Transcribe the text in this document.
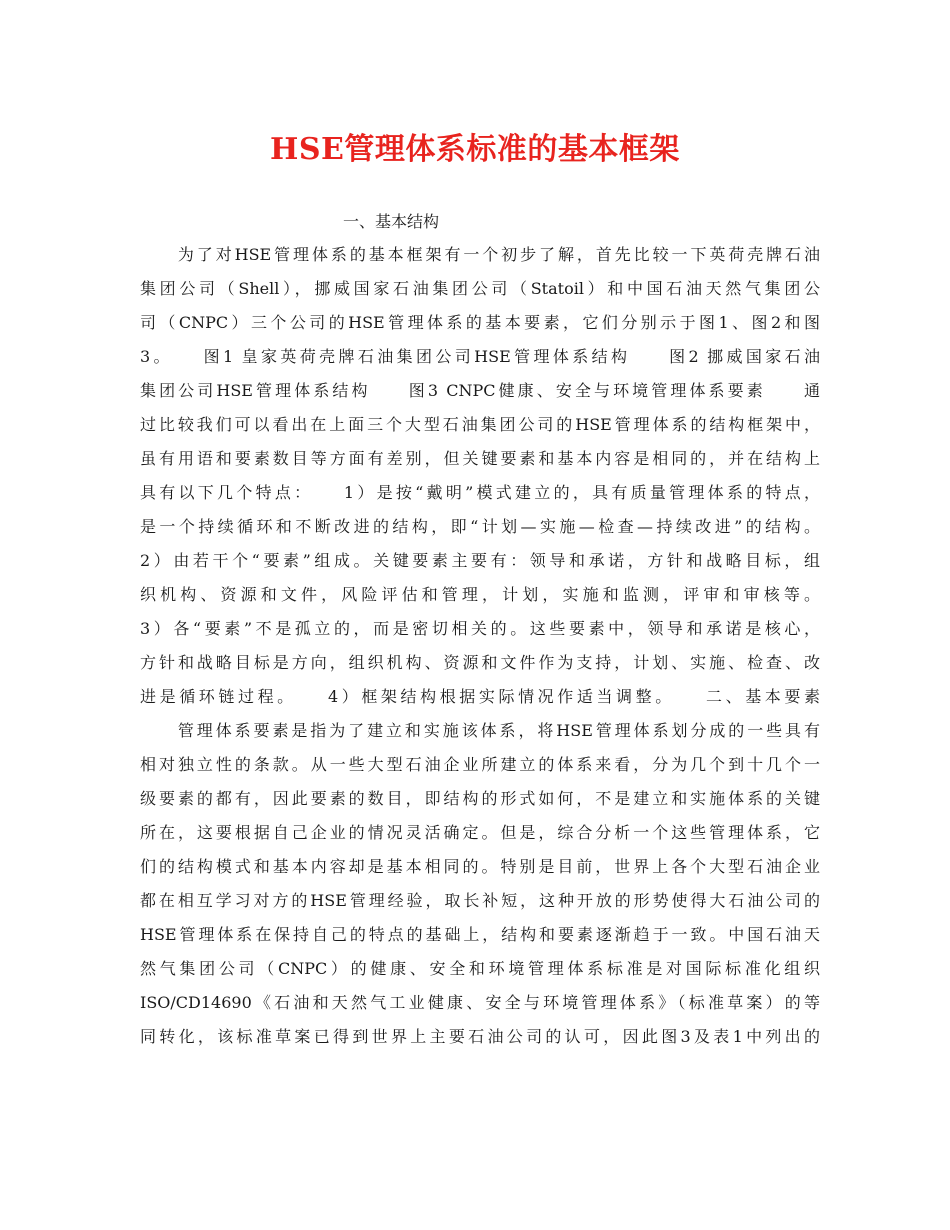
HSE管理体系标准的基本框架
一、基本结构

　　为了对HSE管理体系的基本框架有一个初步了解，首先比较一下英荷壳牌石油

集团公司（Shell），挪威国家石油集团公司（Statoil）和中国石油天然气集团公

司（CNPC）三个公司的HSE管理体系的基本要素，它们分别示于图1、图2和图

3。　　图1 皇家英荷壳牌石油集团公司HSE管理体系结构　　图2 挪威国家石油

集团公司HSE管理体系结构　　图3 CNPC健康、安全与环境管理体系要素　　通

过比较我们可以看出在上面三个大型石油集团公司的HSE管理体系的结构框架中，

虽有用语和要素数目等方面有差别，但关键要素和基本内容是相同的，并在结构上

具有以下几个特点：　　1）是按“戴明”模式建立的，具有质量管理体系的特点，

是一个持续循环和不断改进的结构，即“计划—实施—检查—持续改进”的结构。

2）由若干个“要素”组成。关键要素主要有：领导和承诺，方针和战略目标，组

织机构、资源和文件，风险评估和管理，计划，实施和监测，评审和审核等。

3）各“要素”不是孤立的，而是密切相关的。这些要素中，领导和承诺是核心，

方针和战略目标是方向，组织机构、资源和文件作为支持，计划、实施、检查、改

进是循环链过程。　　4）框架结构根据实际情况作适当调整。　　二、基本要素

　　管理体系要素是指为了建立和实施该体系，将HSE管理体系划分成的一些具有

相对独立性的条款。从一些大型石油企业所建立的体系来看，分为几个到十几个一

级要素的都有，因此要素的数目，即结构的形式如何，不是建立和实施体系的关键

所在，这要根据自己企业的情况灵活确定。但是，综合分析一个这些管理体系，它

们的结构模式和基本内容却是基本相同的。特别是目前，世界上各个大型石油企业

都在相互学习对方的HSE管理经验，取长补短，这种开放的形势使得大石油公司的

HSE管理体系在保持自己的特点的基础上，结构和要素逐渐趋于一致。中国石油天

然气集团公司（CNPC）的健康、安全和环境管理体系标准是对国际标准化组织

ISO/CD14690《石油和天然气工业健康、安全与环境管理体系》（标准草案）的等

同转化，该标准草案已得到世界上主要石油公司的认可，因此图3及表1中列出的
